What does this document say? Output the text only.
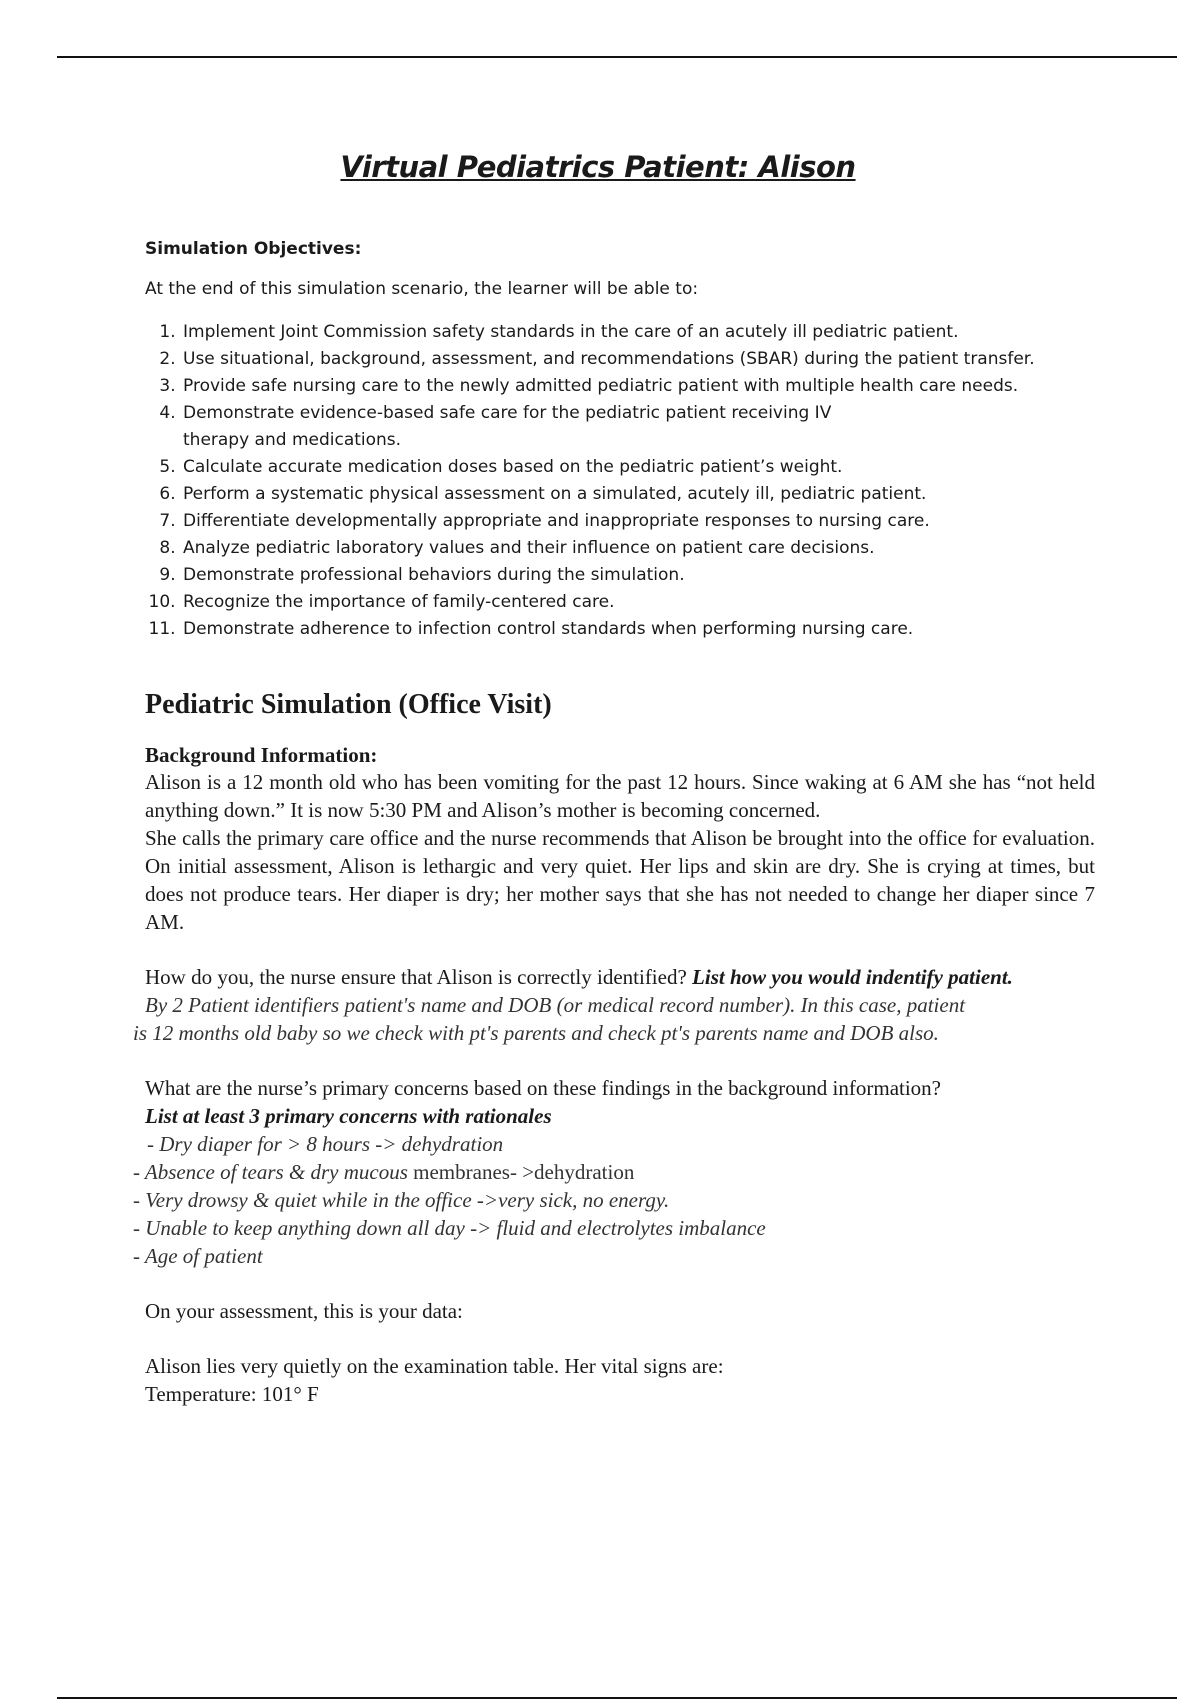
Virtual Pediatrics Patient: Alison
Simulation Objectives:
At the end of this simulation scenario, the learner will be able to:
1. Implement Joint Commission safety standards in the care of an acutely ill pediatric patient.
2. Use situational, background, assessment, and recommendations (SBAR) during the patient transfer.
3. Provide safe nursing care to the newly admitted pediatric patient with multiple health care needs.
4. Demonstrate evidence-based safe care for the pediatric patient receiving IV therapy and medications.
5. Calculate accurate medication doses based on the pediatric patient’s weight.
6. Perform a systematic physical assessment on a simulated, acutely ill, pediatric patient.
7. Differentiate developmentally appropriate and inappropriate responses to nursing care.
8. Analyze pediatric laboratory values and their influence on patient care decisions.
9. Demonstrate professional behaviors during the simulation.
10. Recognize the importance of family-centered care.
11. Demonstrate adherence to infection control standards when performing nursing care.
Pediatric Simulation (Office Visit)
Background Information:

Alison is a 12 month old who has been vomiting for the past 12 hours. Since waking at 6 AM she has “not held anything down.” It is now 5:30 PM and Alison’s mother is becoming concerned.

She calls the primary care office and the nurse recommends that Alison be brought into the office for evaluation. On initial assessment, Alison is lethargic and very quiet. Her lips and skin are dry. She is crying at times, but does not produce tears. Her diaper is dry; her mother says that she has not needed to change her diaper since 7 AM.

How do you, the nurse ensure that Alison is correctly identified? List how you would indentify patient.

By 2 Patient identifiers patient's name and DOB (or medical record number). In this case, patient
is 12 months old baby so we check with pt's parents and check pt's parents name and DOB also.

What are the nurse’s primary concerns based on these findings in the background information?

List at least 3 primary concerns with rationales
- Dry diaper for > 8 hours -> dehydration
- Absence of tears & dry mucous membranes- >dehydration
- Very drowsy & quiet while in the office ->very sick, no energy.
- Unable to keep anything down all day -> fluid and electrolytes imbalance
- Age of patient

On your assessment, this is your data:

Alison lies very quietly on the examination table. Her vital signs are:

Temperature: 101° F
